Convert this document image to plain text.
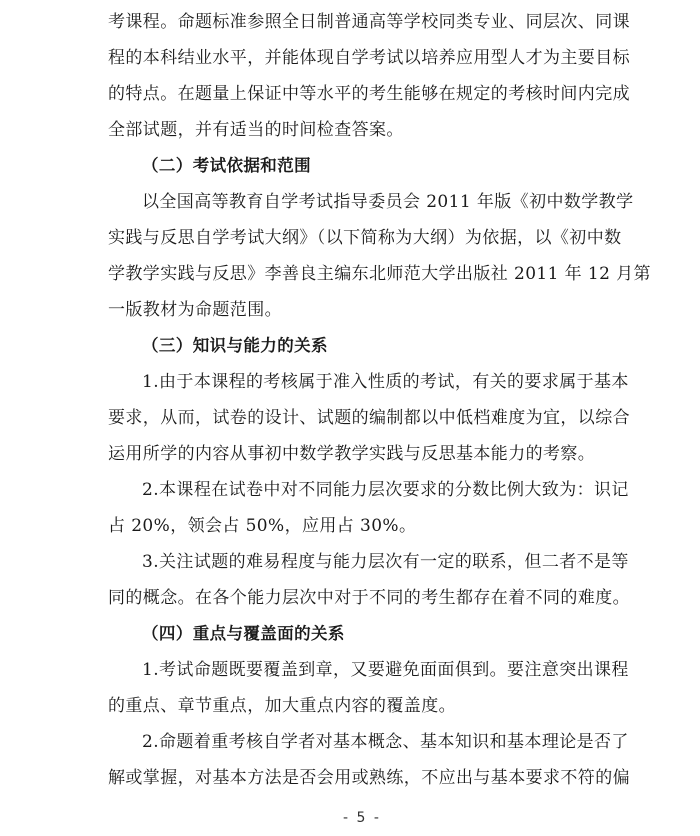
考课程。命题标准参照全日制普通高等学校同类专业、同层次、同课
程的本科结业水平，并能体现自学考试以培养应用型人才为主要目标
的特点。在题量上保证中等水平的考生能够在规定的考核时间内完成
全部试题，并有适当的时间检查答案。
（二）考试依据和范围
以全国高等教育自学考试指导委员会 2011 年版《初中数学教学
实践与反思自学考试大纲》（以下简称为大纲）为依据，以《初中数
学教学实践与反思》李善良主编东北师范大学出版社 2011 年 12 月第
一版教材为命题范围。
（三）知识与能力的关系
1.由于本课程的考核属于准入性质的考试，有关的要求属于基本
要求，从而，试卷的设计、试题的编制都以中低档难度为宜，以综合
运用所学的内容从事初中数学教学实践与反思基本能力的考察。
2.本课程在试卷中对不同能力层次要求的分数比例大致为：识记
占 20%，领会占 50%，应用占 30%。
3.关注试题的难易程度与能力层次有一定的联系，但二者不是等
同的概念。在各个能力层次中对于不同的考生都存在着不同的难度。
（四）重点与覆盖面的关系
1.考试命题既要覆盖到章，又要避免面面俱到。要注意突出课程
的重点、章节重点，加大重点内容的覆盖度。
2.命题着重考核自学者对基本概念、基本知识和基本理论是否了
解或掌握，对基本方法是否会用或熟练，不应出与基本要求不符的偏
- 5 -
